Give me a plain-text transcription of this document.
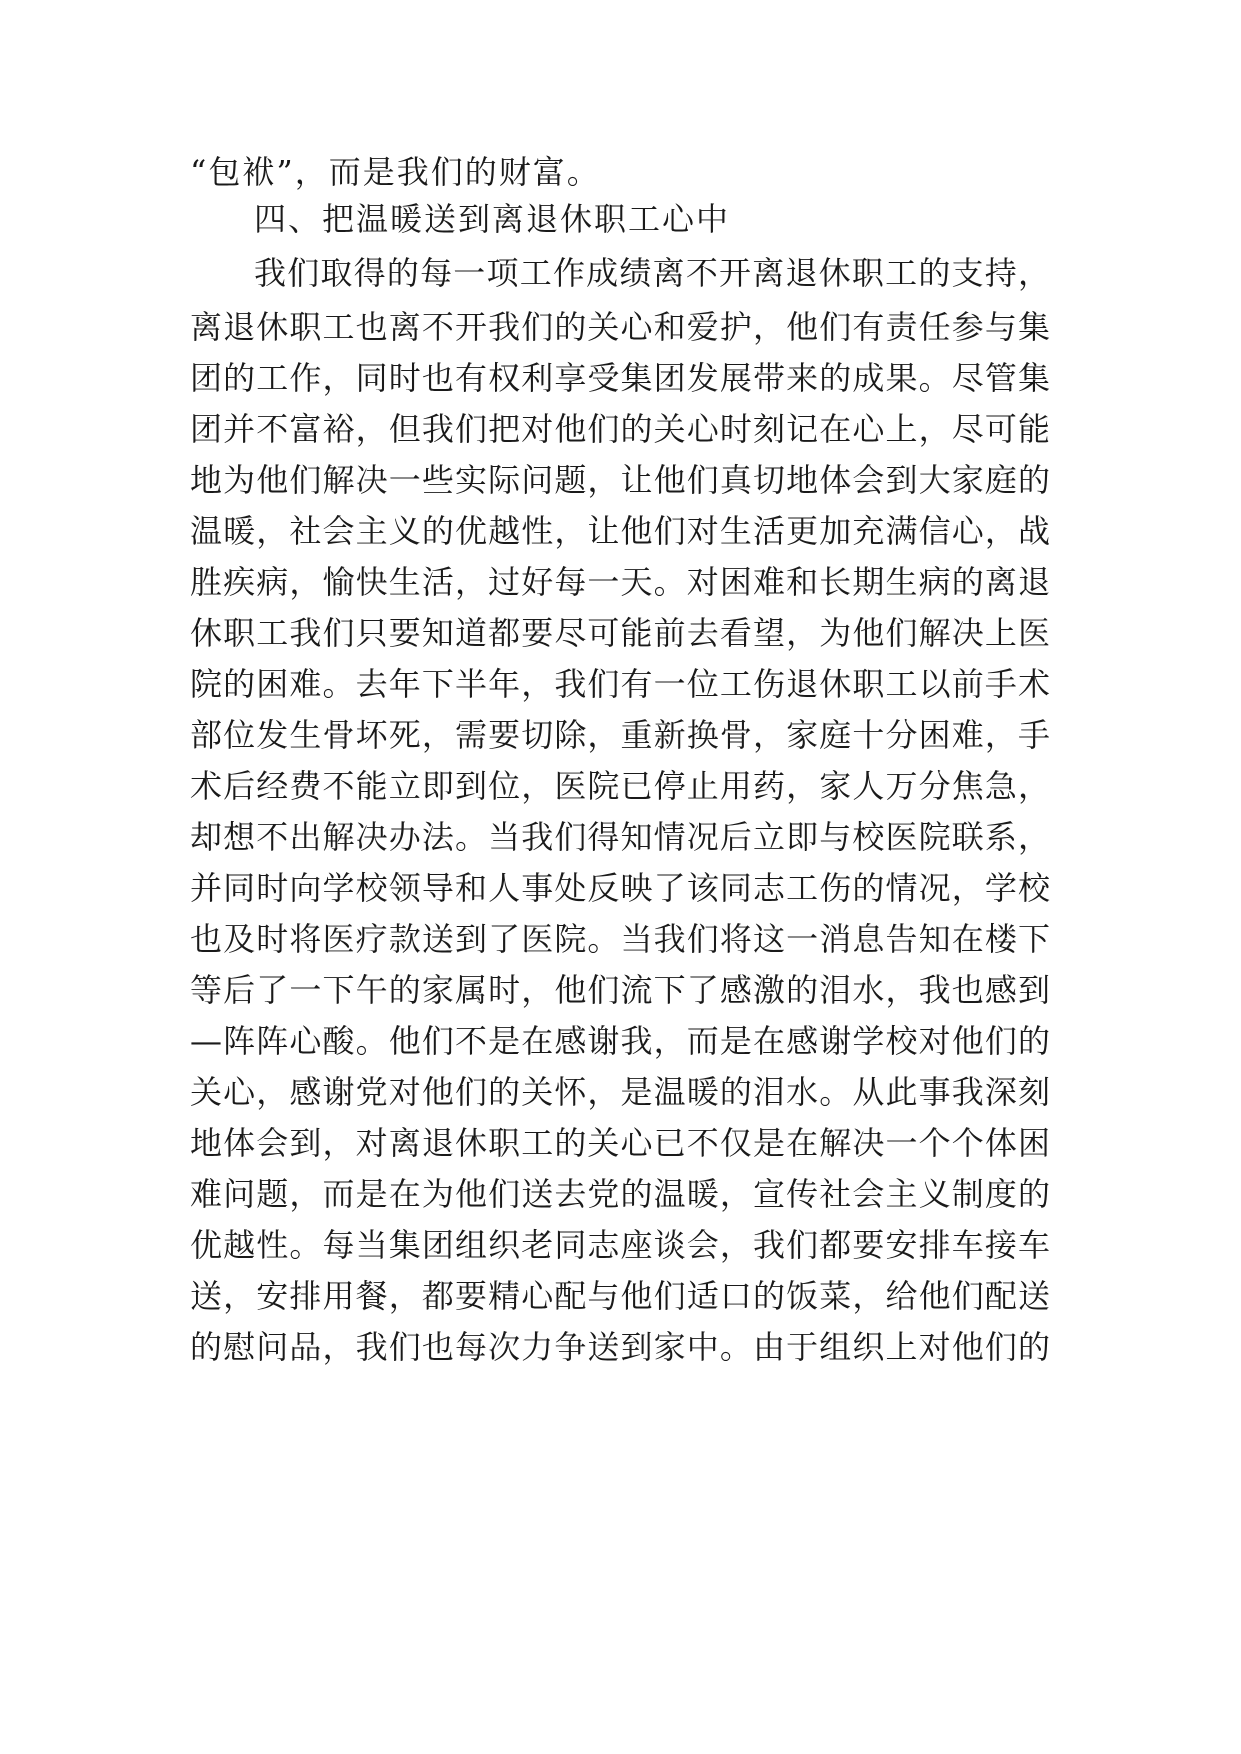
“包袱”，而是我们的财富。
四、把温暖送到离退休职工心中
我们取得的每一项工作成绩离不开离退休职工的支持，
离退休职工也离不开我们的关心和爱护，他们有责任参与集
团的工作，同时也有权利享受集团发展带来的成果。尽管集
团并不富裕，但我们把对他们的关心时刻记在心上，尽可能
地为他们解决一些实际问题，让他们真切地体会到大家庭的
温暖，社会主义的优越性，让他们对生活更加充满信心，战
胜疾病，愉快生活，过好每一天。对困难和长期生病的离退
休职工我们只要知道都要尽可能前去看望，为他们解决上医
院的困难。去年下半年，我们有一位工伤退休职工以前手术
部位发生骨坏死，需要切除，重新换骨，家庭十分困难，手
术后经费不能立即到位，医院已停止用药，家人万分焦急，
却想不出解决办法。当我们得知情况后立即与校医院联系，
并同时向学校领导和人事处反映了该同志工伤的情况，学校
也及时将医疗款送到了医院。当我们将这一消息告知在楼下
等后了一下午的家属时，他们流下了感激的泪水，我也感到
—阵阵心酸。他们不是在感谢我，而是在感谢学校对他们的
关心，感谢党对他们的关怀，是温暖的泪水。从此事我深刻
地体会到，对离退休职工的关心已不仅是在解决一个个体困
难问题，而是在为他们送去党的温暖，宣传社会主义制度的
优越性。每当集团组织老同志座谈会，我们都要安排车接车
送，安排用餐，都要精心配与他们适口的饭菜，给他们配送
的慰问品，我们也每次力争送到家中。由于组织上对他们的
